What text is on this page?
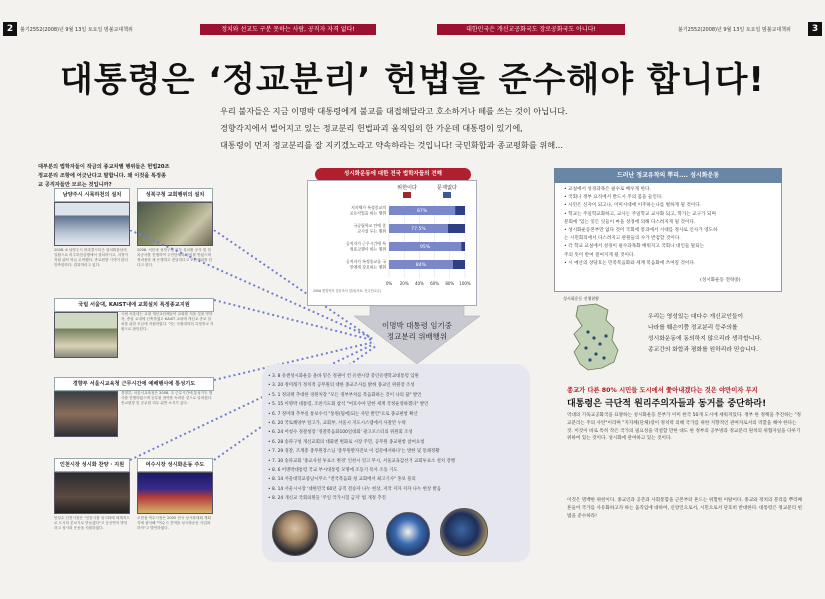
2	불기2552(2008)년 9월 13일 토요일 범불교대책위	정치와 선교도 구분 못하는 사람, 공직자 자격 없다!	대한민국은 개신교공화국도 장로공화국도 아니다!	불기2552(2008)년 9월 13일 토요일 범불교대책위	3
대통령은 ‘정교분리’ 헌법을 준수해야 합니다!
우리 불자들은 지금 이명박 대통령에게 불교를 대접해달라고 호소하거나 떼를 쓰는 것이 아닙니다.
경향각지에서 벌어지고 있는 정교분리 헌법파괴 움직임의 한 가운데 대통령이 있기에,
대통령이 먼저 정교분리를 잘 지키겠노라고 약속하라는 것입니다! 국민화합과 종교평화를 위해...
대부분의 법학자들이 작금의 종교차별 행위들은 헌법20조 정교분리 조항에 어긋난다고 말합니다. 왜 이것을 특정종교 공직자들만 모르는 것입니까?
남양주시 시목하천의 설치
2008. 6 남양주시 미라클시티즌 설치확을남의 일환으로 어주하천실행에서 설치하시고, 지정이 직원 위탁 학급 수여했다. 종교편향 시각이 많다 망측함하다. 결과하리고 있다.
성북구청 교회행위의 설치
2008. 서문과 성북구청 일부 설치환 공사 및 설치공사를 진행하여 주민단체의 항의를 받았으며 정비용한 세 은행하고 전달하다고 모금행위를 한다고 한다.
국립 서울대, KAIST내에 교회설치 특정종교지원
국립 서울대는 교내 개신교단체들이 교회를 지을 것을 약하자, 중앙 교내에 신축하였고 KAIST 교내에 개신교 종교 설치를 위한 모금에 지원하였다. 이는 국립대학의 특정종교 지원으로 판단된다.
경향부 서울시교육청 근무시간에 예배행사에 통성기도
경향부, 서울시교육청은 2008. 초 근무시간에 통성기도 행사를 진행하였으며 공무원 참여를 독려한 것으로 알려졌다. 종교편향 및 공무원 의무 위반 소지가 있다.
인천시장 성시화 찬양 · 지원
안상수 인천시장은 "인천시를 성시화에 세계적으로 도시의 본보기로 만들겠다"고 공공연히 발언하고 성시화 운동을 지원하였다.
여수시장 성시화운동 주도
오현섭 여수시장은 2005 전국 성시화대회 개회식에 참석해 "여수시 전역을 성시화운동 사업화하자"고 발언하였다.
성시화운동에 대한 전국 법학자들의 견해
위헌이다	문제없다
0% 20% 40% 60% 80% 100%
지자체가 특정종교의
공동사업을 하는 행위	87%
국공립학교 안에 종
교시설 두는 행위	77.5%
공직자가 근무시간에 특
정종교행사 하는 행위	95%
공직자가 특정종교를 국
민에게 강요하는 행위	84%
2008 범법학자 설문조사 결과(자료: 전국민교수)
이명박 대통령 임기중
정교분리 위배행위
• 3. 8 유엔성시화운동 올바 밑은 정권이 컨 유엔시장 증인유엔학교대통령 입원
• 3. 20 정미래가 정치적 공무원의 대한 종교조사를 밝혀 종교인 위원장 조성
• 5. 1 정의택 추대한 경원처장 "모든 정부부처를 복음화하는 것이 나의 꿈" 발언
• 5. 15 이명박 대통령, 조찬기도회 참석 "여호수아 말한 세계 국정운영하겠다" 발언
• 6. 7 정미래 추부실 통보수석 "통원(팀에)되는 사탄 발언"으로 종교편항 확산
• 6. 20 국토해양부 알고가, 교회부, 서울시 지도시스템에서 사찰만 누락
• 6. 24 어청수 경찰청장 '경찰복음화100일대회' 광고포스터의 위원회 조성
• 6. 28 송파구청 개신교회의 대화엔 변화로 시장 주민, 공무원 종교편항 참여요청
• 7. 29 경찰, 조계총 총무원장스님 '총무원발자진보 이 검문에서하다'는 방한 및 봉쇄정황
• 7. 30 송파교회 '종교사설 투표소 변경' 인천시 연고 무시, 서울교육감선거 교회투표소 설치 강행
• 8. 6 어명박대통령 국교 부시대통령 모명에 조동기 폭사 조동 기도
• 8. 14 서울대학교중남시무소 "전국복음화 청 교회에서 최고기사" 홍보 물의
• 8. 14 서울시시장 '대한민국 60년 공직 전승자 나누 현상, 저작 저자 저자 나누 현상 발음
• 8. 24 개신교 국회의원들 '주일 국가시험 금지' 법 개정 추진
드러난 정교유착의 뿌리.... 성시화운동
• 교실에서 성경과목은 필수로 배우게 한다.
• 국회나 정부 요직에서 반드시 주의 몸을 들인다.
• 시민은 신자이 되고나, 이미시대에 이주하는나를 벌하게 될 것이다.
• 학교는 주일학교화하고, 교사는 주일학교 교사화 되고, 학가는 교구가 되며
분회에 '있는 잇든 잇들이 마을 성경에 의해 다스려지게 될 것이다.
• 성시화운동본부만 없다 것이 국회에 통과에서 시대를 정사로 인사가 영도하
는 시민회의에서 다스려지고 관원들의 수가 반감할 것이다.
• 각 학교 교실에서 성경이 필수과목화 배워지고 국회나 대인들 말되는
주의 뜻이 반여 걸여지게 될 것이다.
• 시 예산의 상당호는 민족복음화와 세계 복음화에 쓰여질 것이다.
(성시화운동 전략중)
성시화운동 진행현황
우리는 영성있는 대다수 개신교인들이
나라를 훼손이쯤 정교분리 등주의를
성시화운동에 동의하지 않으리라 생각합니다.
종교간의 화합과 평화를 원하리라 믿습니다.
종교가 다른 80% 시민들 도시에서 쫓아내겠다는 것은 야만이자 무지
대통령은 극단적 원리주의자들과 동거를 중단하라!
역대의 기독교공화국을 표방하는 성시화운동 본부가 이미 한국 50개 도시에 세워져있다. 정부 한 정책을 추진하는 "정교분리는 주의 사탄"이라며 "지자체(단체)장이 정치력 의해 국가를 위한 지향적인 관여자로서의 역할을 해야 한다는 것. 이것이 바로 특히 작은 국가의 필요성을 역설할 만한 대도 한 정부의 공부방과 정교분리 원칙의 위협자일을 다루기 위하여 있는 것이다. 성시화에 관여하고 있는 것이다.
이것은 명백한 위헌이다. 종교인과 공존과 사회통합을 근본부터 흔드는 위험한 이탈이다. 종교와 정치의 분리를 뿌리째 흔들어 국가를 사유화하고자 하는 움직임에 대하여, 신앙인으로서, 시민으로서 단호히 반대한다. 대통령은 정교분리 헌법을 준수하라!
